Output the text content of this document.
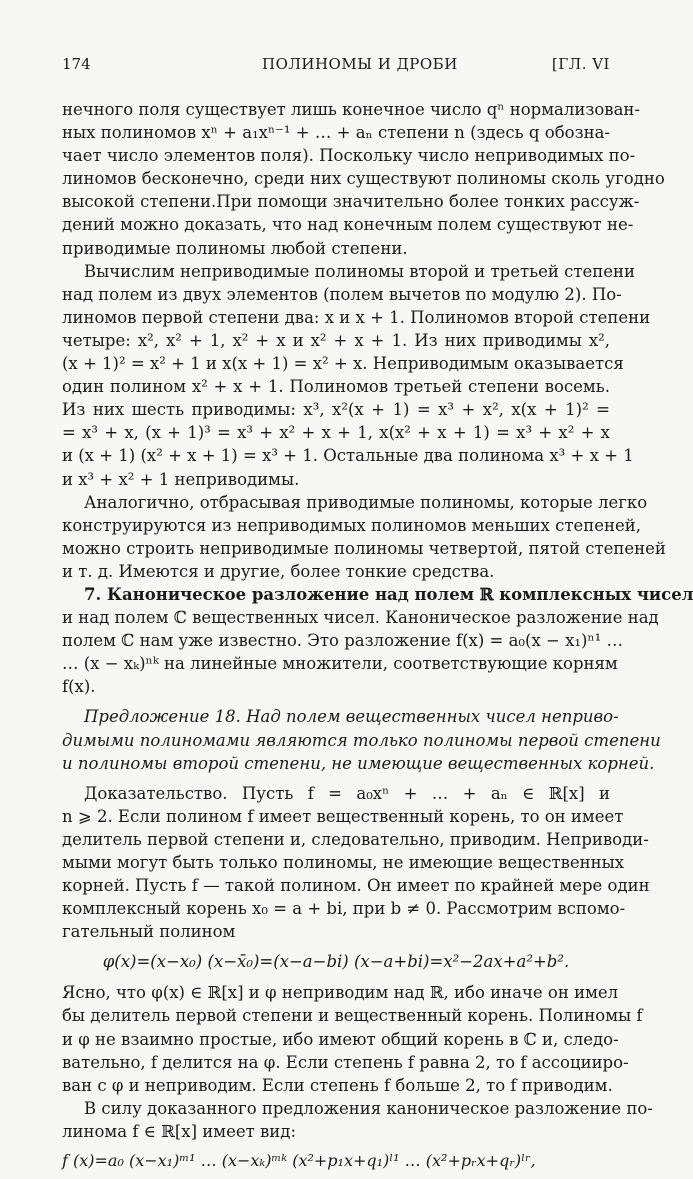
174	ПОЛИНОМЫ И ДРОБИ	[ГЛ. VI
нечного поля существует лишь конечное число qⁿ нормализован-
ных полиномов xⁿ + a₁xⁿ⁻¹ + … + aₙ степени n (здесь q обозна-
чает число элементов поля). Поскольку число неприводимых по-
линомов бесконечно, среди них существуют полиномы сколь угодно
высокой степени.При помощи значительно более тонких рассуж-
дений можно доказать, что над конечным полем существуют не-
приводимые полиномы любой степени.
Вычислим неприводимые полиномы второй и третьей степени
над полем из двух элементов (полем вычетов по модулю 2). По-
линомов первой степени два: x и x + 1. Полиномов второй степени
четыре: x², x² + 1, x² + x и x² + x + 1. Из них приводимы x²,
(x + 1)² = x² + 1 и x(x + 1) = x² + x. Неприводимым оказывается
один полином x² + x + 1. Полиномов третьей степени восемь.
Из них шесть приводимы: x³, x²(x + 1) = x³ + x², x(x + 1)² =
= x³ + x, (x + 1)³ = x³ + x² + x + 1, x(x² + x + 1) = x³ + x² + x
и (x + 1) (x² + x + 1) = x³ + 1. Остальные два полинома x³ + x + 1
и x³ + x² + 1 неприводимы.
Аналогично, отбрасывая приводимые полиномы, которые легко
конструируются из неприводимых полиномов меньших степеней,
можно строить неприводимые полиномы четвертой, пятой степеней
и т. д. Имеются и другие, более тонкие средства.
7. Каноническое разложение над полем ℝ комплексных чисел
и над полем ℂ вещественных чисел. Каноническое разложение над
полем ℂ нам уже известно. Это разложение f(x) = a₀(x − x₁)ⁿ¹ …
… (x − xₖ)ⁿᵏ на линейные множители, соответствующие корням
f(x).
Предложение 18. Над полем вещественных чисел неприво-
димыми полиномами являются только полиномы первой степени
и полиномы второй степени, не имеющие вещественных корней.
Доказательство. Пусть f = a₀xⁿ + … + aₙ ∈ ℝ[x] и
n ⩾ 2. Если полином f имеет вещественный корень, то он имеет
делитель первой степени и, следовательно, приводим. Неприводи-
мыми могут быть только полиномы, не имеющие вещественных
корней. Пусть f — такой полином. Он имеет по крайней мере один
комплексный корень x₀ = a + bi, при b ≠ 0. Рассмотрим вспомо-
гательный полином
φ(x)=(x−x₀) (x−x̄₀)=(x−a−bi) (x−a+bi)=x²−2ax+a²+b².
Ясно, что φ(x) ∈ ℝ[x] и φ неприводим над ℝ, ибо иначе он имел
бы делитель первой степени и вещественный корень. Полиномы f
и φ не взаимно простые, ибо имеют общий корень в ℂ и, следо-
вательно, f делится на φ. Если степень f равна 2, то f ассоцииро-
ван с φ и неприводим. Если степень f больше 2, то f приводим.
В силу доказанного предложения каноническое разложение по-
линома f ∈ ℝ[x] имеет вид:
f (x)=a₀ (x−x₁)ᵐ¹ … (x−xₖ)ᵐᵏ (x²+p₁x+q₁)ˡ¹ … (x²+pᵣx+qᵣ)ˡʳ,
